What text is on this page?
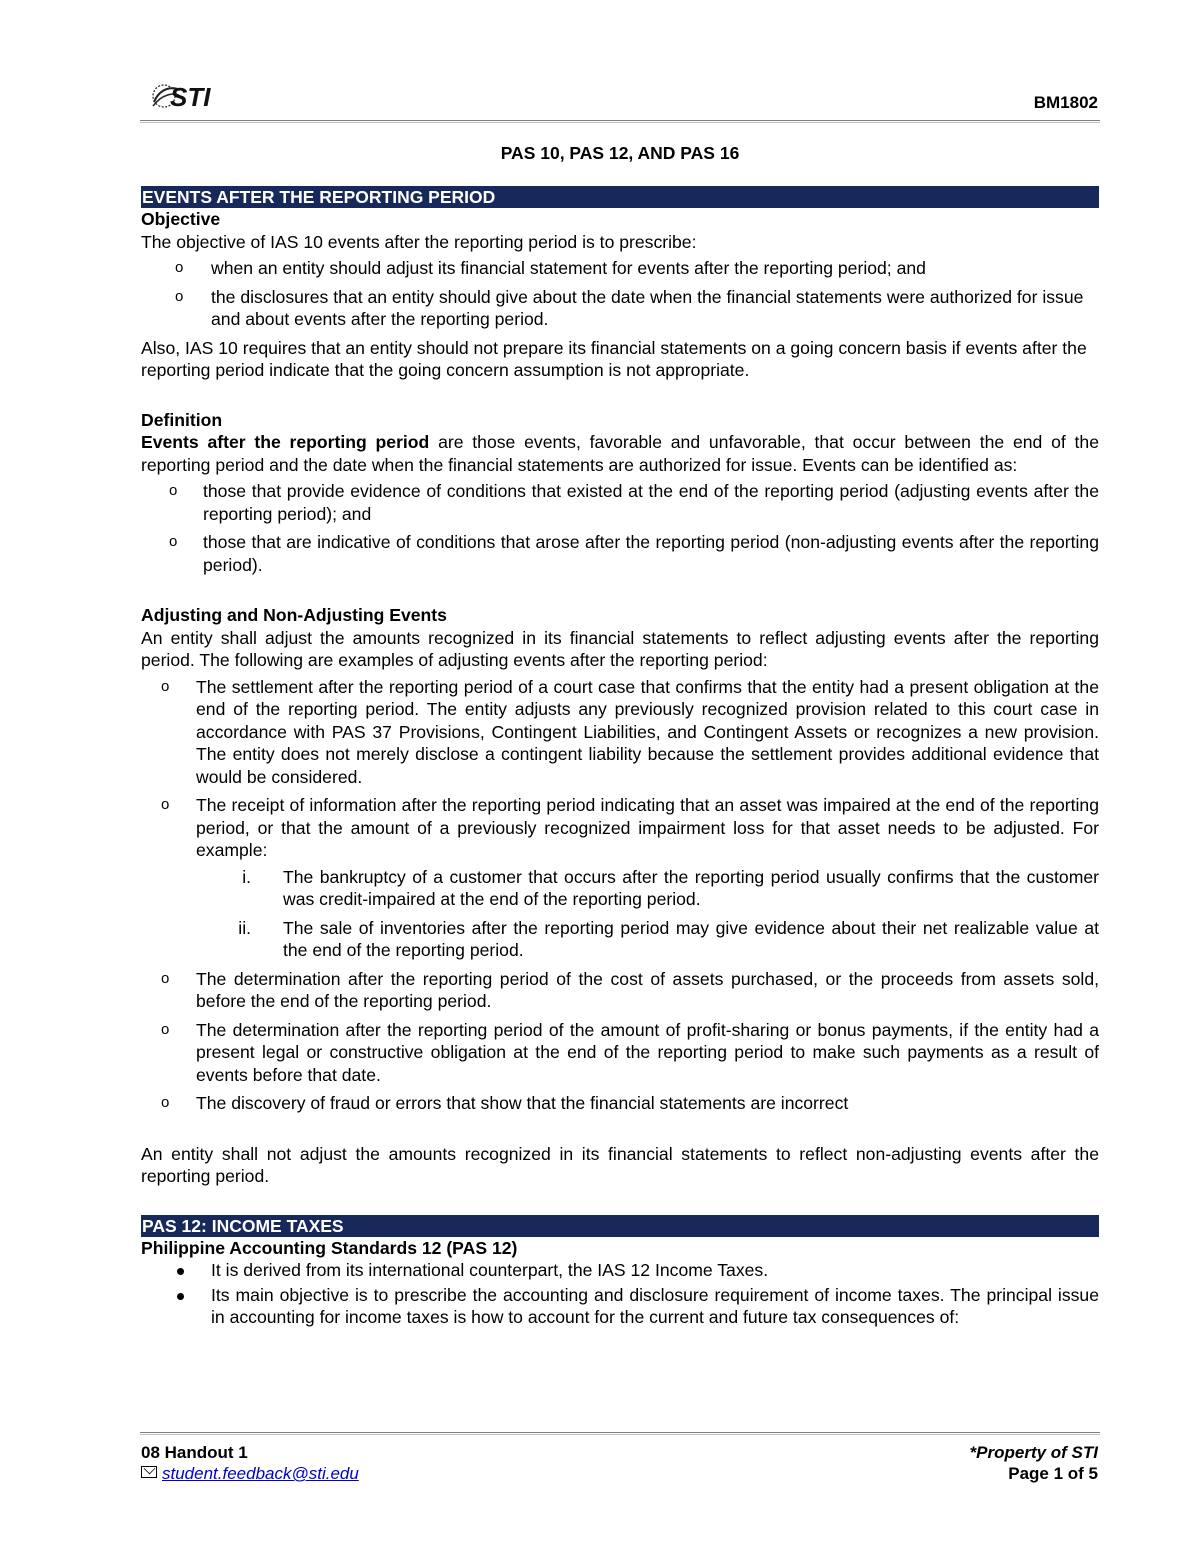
STI	BM1802
PAS 10, PAS 12, AND PAS 16
EVENTS AFTER THE REPORTING PERIOD

Objective

The objective of IAS 10 events after the reporting period is to prescribe:

o when an entity should adjust its financial statement for events after the reporting period; and
o the disclosures that an entity should give about the date when the financial statements were authorized for issue and about events after the reporting period.

Also, IAS 10 requires that an entity should not prepare its financial statements on a going concern basis if events after the reporting period indicate that the going concern assumption is not appropriate.

Definition

Events after the reporting period are those events, favorable and unfavorable, that occur between the end of the reporting period and the date when the financial statements are authorized for issue. Events can be identified as:

o those that provide evidence of conditions that existed at the end of the reporting period (adjusting events after the reporting period); and
o those that are indicative of conditions that arose after the reporting period (non-adjusting events after the reporting period).

Adjusting and Non-Adjusting Events

An entity shall adjust the amounts recognized in its financial statements to reflect adjusting events after the reporting period. The following are examples of adjusting events after the reporting period:

o The settlement after the reporting period of a court case that confirms that the entity had a present obligation at the end of the reporting period. The entity adjusts any previously recognized provision related to this court case in accordance with PAS 37 Provisions, Contingent Liabilities, and Contingent Assets or recognizes a new provision. The entity does not merely disclose a contingent liability because the settlement provides additional evidence that would be considered.
o The receipt of information after the reporting period indicating that an asset was impaired at the end of the reporting period, or that the amount of a previously recognized impairment loss for that asset needs to be adjusted. For example:
i. The bankruptcy of a customer that occurs after the reporting period usually confirms that the customer was credit-impaired at the end of the reporting period.
ii. The sale of inventories after the reporting period may give evidence about their net realizable value at the end of the reporting period.
o The determination after the reporting period of the cost of assets purchased, or the proceeds from assets sold, before the end of the reporting period.
o The determination after the reporting period of the amount of profit-sharing or bonus payments, if the entity had a present legal or constructive obligation at the end of the reporting period to make such payments as a result of events before that date.
o The discovery of fraud or errors that show that the financial statements are incorrect

An entity shall not adjust the amounts recognized in its financial statements to reflect non-adjusting events after the reporting period.

PAS 12: INCOME TAXES

Philippine Accounting Standards 12 (PAS 12)

It is derived from its international counterpart, the IAS 12 Income Taxes.
Its main objective is to prescribe the accounting and disclosure requirement of income taxes. The principal issue in accounting for income taxes is how to account for the current and future tax consequences of:
08 Handout 1
student.feedback@sti.edu
*Property of STI
Page 1 of 5
